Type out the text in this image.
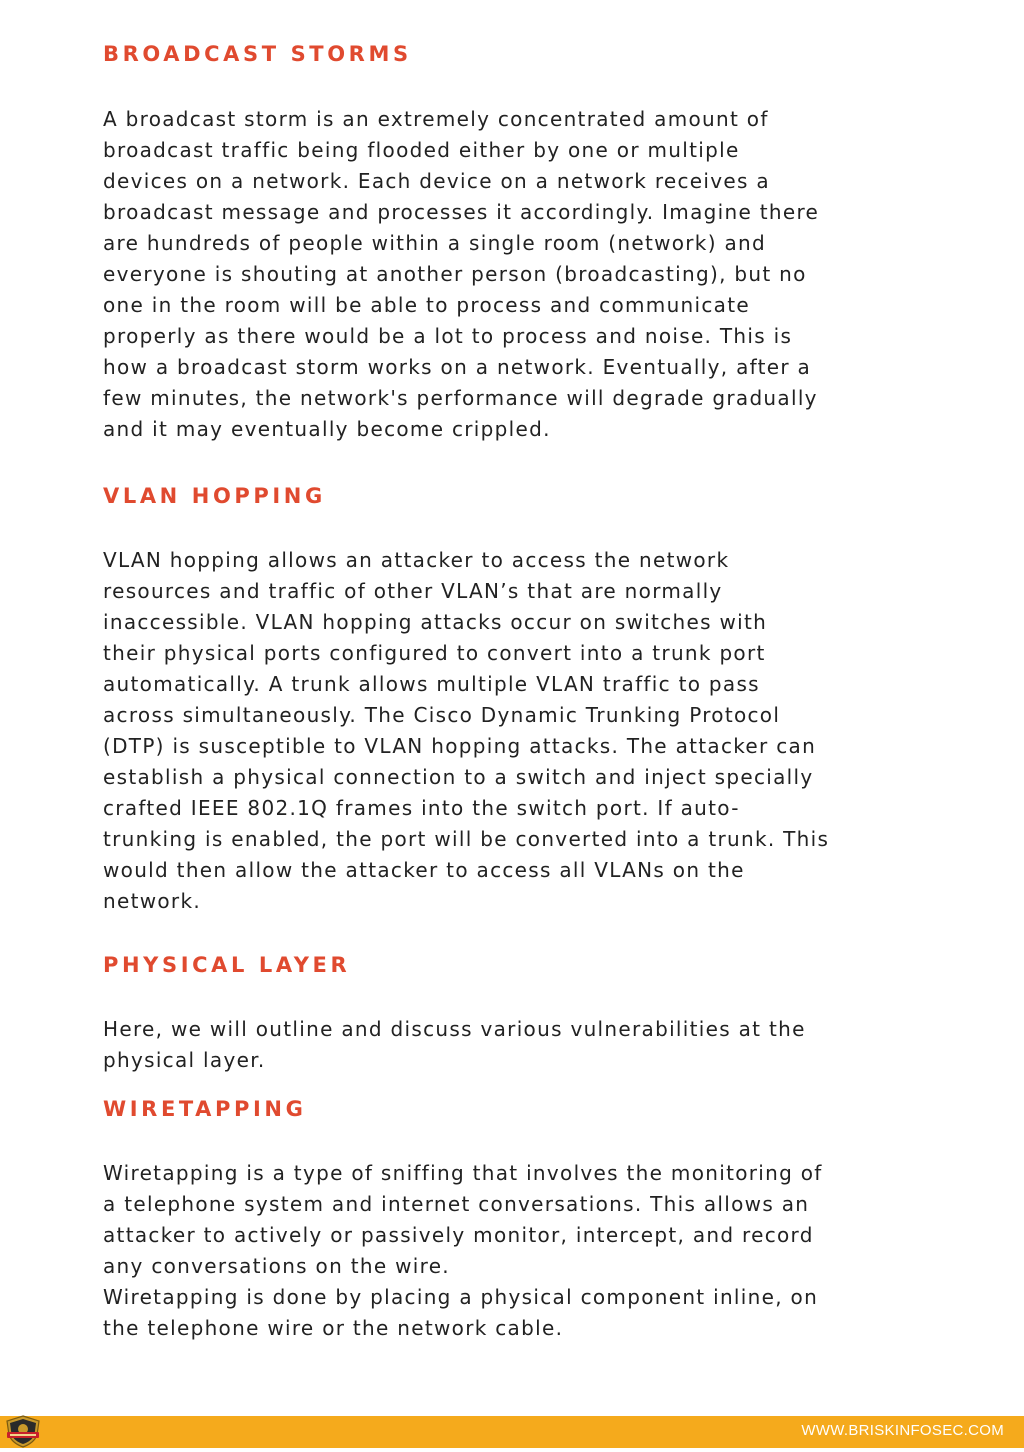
BROADCAST STORMS
A broadcast storm is an extremely concentrated amount of
broadcast traffic being flooded either by one or multiple
devices on a network. Each device on a network receives a
broadcast message and processes it accordingly. Imagine there
are hundreds of people within a single room (network) and
everyone is shouting at another person (broadcasting), but no
one in the room will be able to process and communicate
properly as there would be a lot to process and noise. This is
how a broadcast storm works on a network. Eventually, after a
few minutes, the network's performance will degrade gradually
and it may eventually become crippled.
VLAN HOPPING
VLAN hopping allows an attacker to access the network
resources and traffic of other VLAN’s that are normally
inaccessible. VLAN hopping attacks occur on switches with
their physical ports configured to convert into a trunk port
automatically. A trunk allows multiple VLAN traffic to pass
across simultaneously. The Cisco Dynamic Trunking Protocol
(DTP) is susceptible to VLAN hopping attacks. The attacker can
establish a physical connection to a switch and inject specially
crafted IEEE 802.1Q frames into the switch port. If auto-
trunking is enabled, the port will be converted into a trunk. This
would then allow the attacker to access all VLANs on the
network.
PHYSICAL LAYER
Here, we will outline and discuss various vulnerabilities at the
physical layer.
WIRETAPPING
Wiretapping is a type of sniffing that involves the monitoring of
a telephone system and internet conversations. This allows an
attacker to actively or passively monitor, intercept, and record
any conversations on the wire.
Wiretapping is done by placing a physical component inline, on
the telephone wire or the network cable.
WWW.BRISKINFOSEC.COM
